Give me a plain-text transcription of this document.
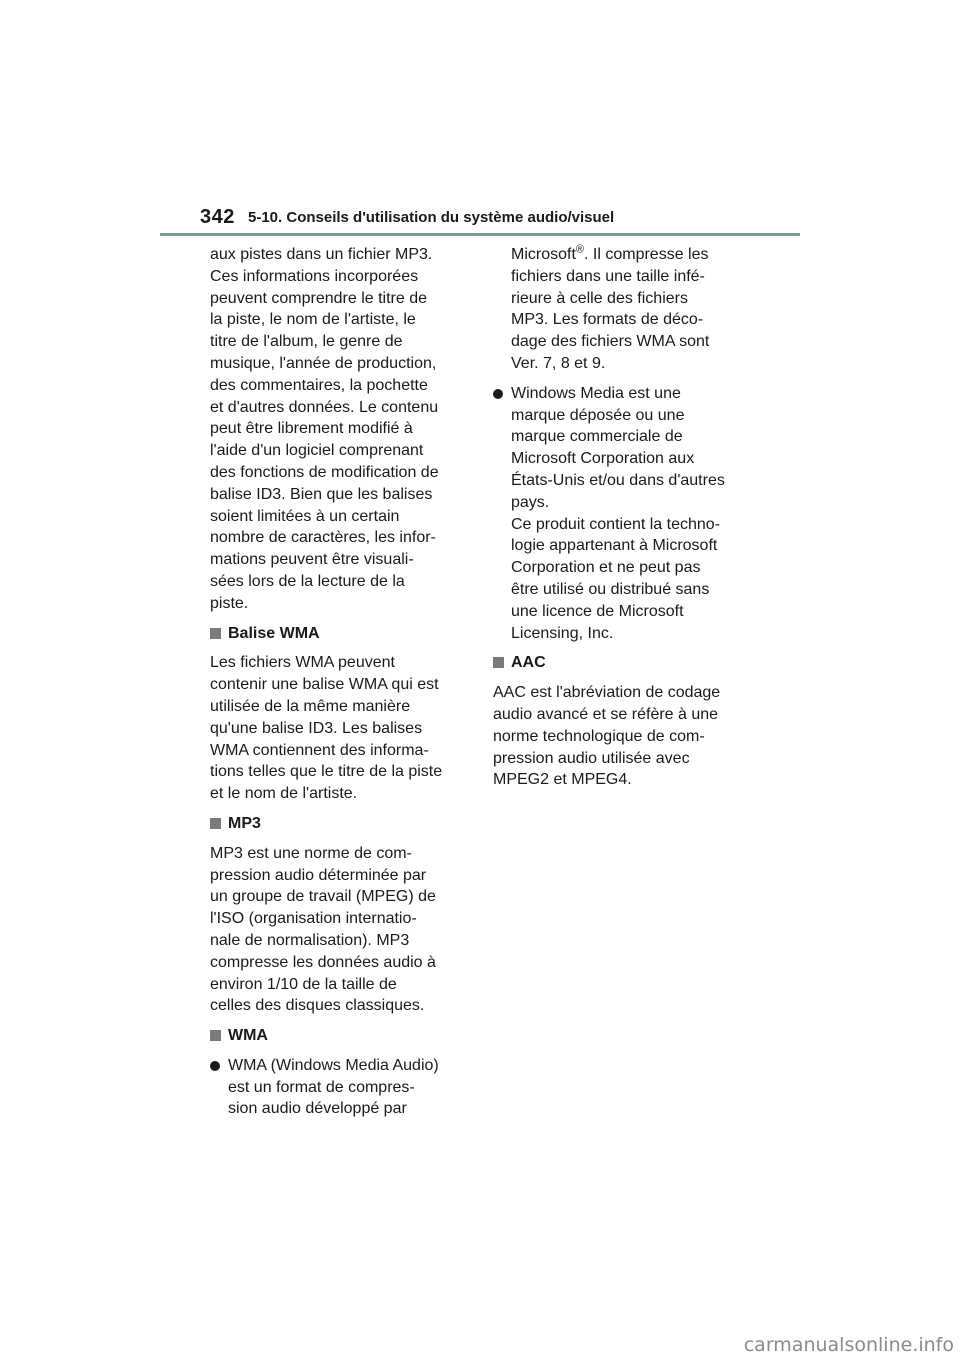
342 5-10. Conseils d'utilisation du système audio/visuel
aux pistes dans un fichier MP3.
Ces informations incorporées
peuvent comprendre le titre de
la piste, le nom de l'artiste, le
titre de l'album, le genre de
musique, l'année de production,
des commentaires, la pochette
et d'autres données. Le contenu
peut être librement modifié à
l'aide d'un logiciel comprenant
des fonctions de modification de
balise ID3. Bien que les balises
soient limitées à un certain
nombre de caractères, les infor-
mations peuvent être visuali-
sées lors de la lecture de la
piste.
Balise WMA
Les fichiers WMA peuvent
contenir une balise WMA qui est
utilisée de la même manière
qu'une balise ID3. Les balises
WMA contiennent des informa-
tions telles que le titre de la piste
et le nom de l'artiste.
MP3
MP3 est une norme de com-
pression audio déterminée par
un groupe de travail (MPEG) de
l'ISO (organisation internatio-
nale de normalisation). MP3
compresse les données audio à
environ 1/10 de la taille de
celles des disques classiques.
WMA
WMA (Windows Media Audio)
est un format de compres-
sion audio développé par
Microsoft®. Il compresse les
fichiers dans une taille infé-
rieure à celle des fichiers
MP3. Les formats de déco-
dage des fichiers WMA sont
Ver. 7, 8 et 9.
Windows Media est une
marque déposée ou une
marque commerciale de
Microsoft Corporation aux
États-Unis et/ou dans d'autres
pays.
Ce produit contient la techno-
logie appartenant à Microsoft
Corporation et ne peut pas
être utilisé ou distribué sans
une licence de Microsoft
Licensing, Inc.
AAC
AAC est l'abréviation de codage
audio avancé et se réfère à une
norme technologique de com-
pression audio utilisée avec
MPEG2 et MPEG4.
carmanualsonline.info
